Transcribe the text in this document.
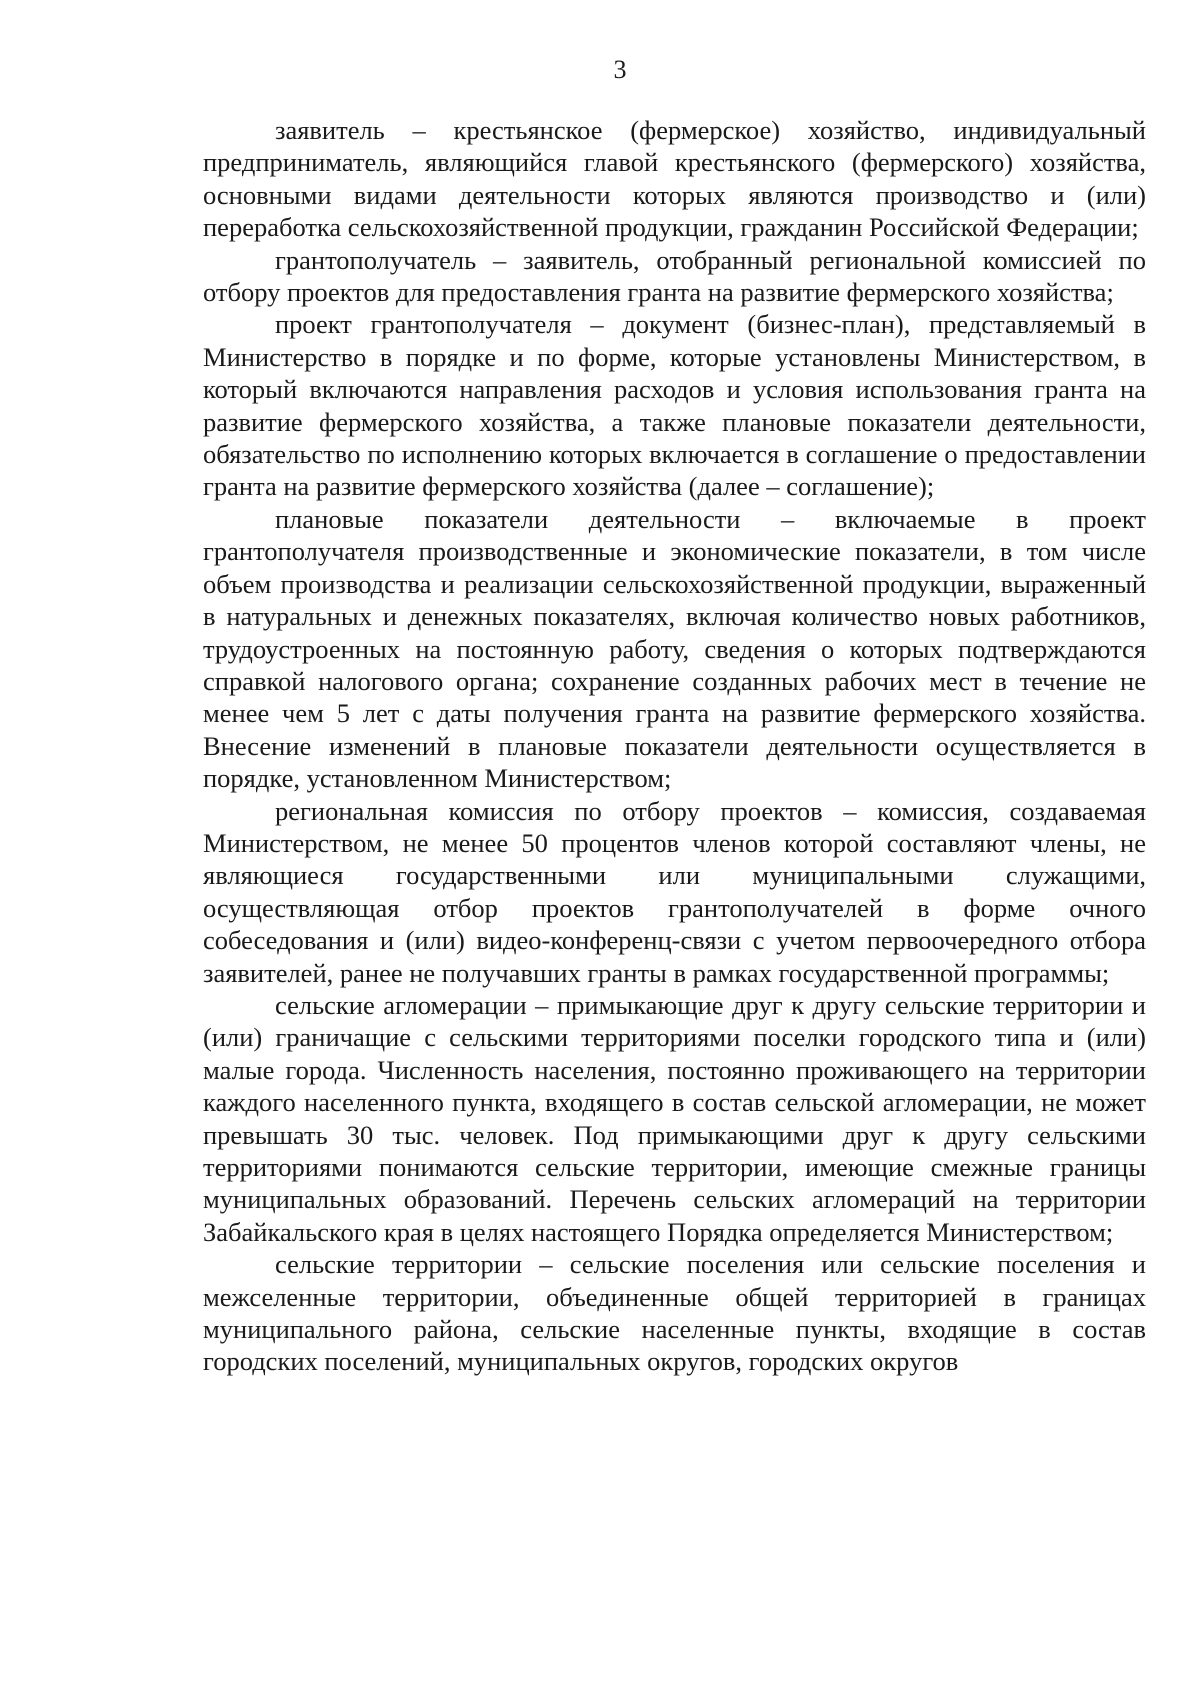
3

заявитель – крестьянское (фермерское) хозяйство, индивидуальный предприниматель, являющийся главой крестьянского (фермерского) хозяйства, основными видами деятельности которых являются производство и (или) переработка сельскохозяйственной продукции, гражданин Российской Федерации;

грантополучатель – заявитель, отобранный региональной комиссией по отбору проектов для предоставления гранта на развитие фермерского хозяйства;

проект грантополучателя – документ (бизнес-план), представляемый в Министерство в порядке и по форме, которые установлены Министерством, в который включаются направления расходов и условия использования гранта на развитие фермерского хозяйства, а также плановые показатели деятельности, обязательство по исполнению которых включается в соглашение о предоставлении гранта на развитие фермерского хозяйства (далее – соглашение);

плановые показатели деятельности – включаемые в проект грантополучателя производственные и экономические показатели, в том числе объем производства и реализации сельскохозяйственной продукции, выраженный в натуральных и денежных показателях, включая количество новых работников, трудоустроенных на постоянную работу, сведения о которых подтверждаются справкой налогового органа; сохранение созданных рабочих мест в течение не менее чем 5 лет с даты получения гранта на развитие фермерского хозяйства. Внесение изменений в плановые показатели деятельности осуществляется в порядке, установленном Министерством;

региональная комиссия по отбору проектов – комиссия, создаваемая Министерством, не менее 50 процентов членов которой составляют члены, не являющиеся государственными или муниципальными служащими, осуществляющая отбор проектов грантополучателей в форме очного собеседования и (или) видео-конференц-связи с учетом первоочередного отбора заявителей, ранее не получавших гранты в рамках государственной программы;

сельские агломерации – примыкающие друг к другу сельские территории и (или) граничащие с сельскими территориями поселки городского типа и (или) малые города. Численность населения, постоянно проживающего на территории каждого населенного пункта, входящего в состав сельской агломерации, не может превышать 30 тыс. человек. Под примыкающими друг к другу сельскими территориями понимаются сельские территории, имеющие смежные границы муниципальных образований. Перечень сельских агломераций на территории Забайкальского края в целях настоящего Порядка определяется Министерством;

сельские территории – сельские поселения или сельские поселения и межселенные территории, объединенные общей территорией в границах муниципального района, сельские населенные пункты, входящие в состав городских поселений, муниципальных округов, городских округов
